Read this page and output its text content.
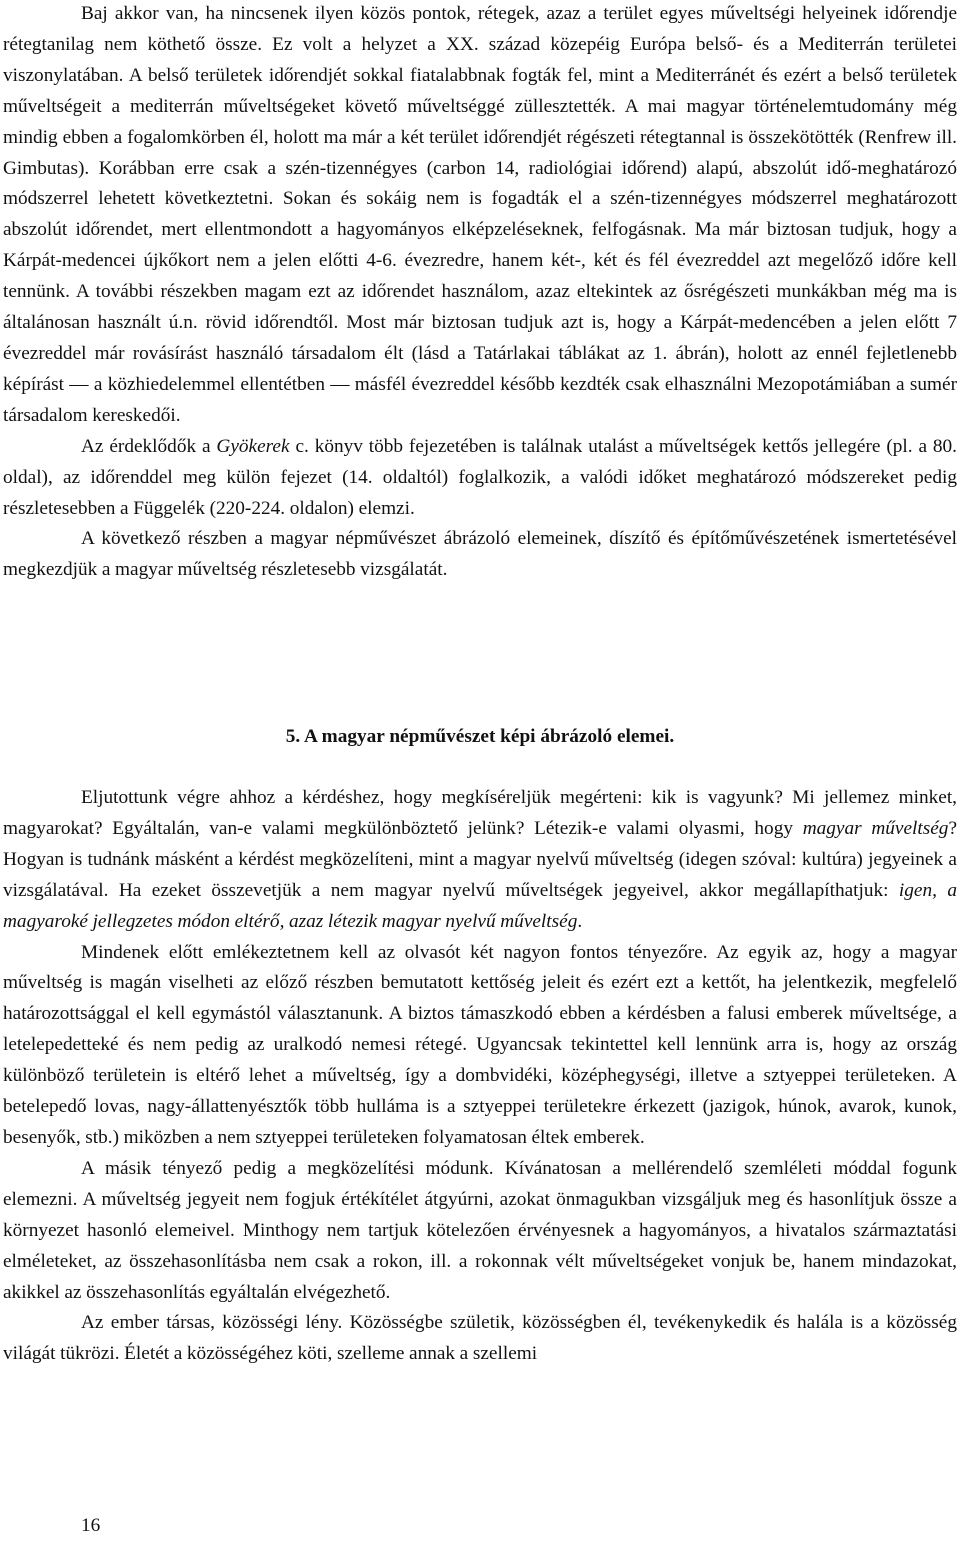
Baj akkor van, ha nincsenek ilyen közös pontok, rétegek, azaz a terület egyes műveltségi helyeinek időrendje rétegtanilag nem köthető össze. Ez volt a helyzet a XX. század közepéig Európa belső- és a Mediterrán területei viszonylatában. A belső területek időrendjét sokkal fiatalabbnak fogták fel, mint a Mediterránét és ezért a belső területek műveltségeit a mediterrán műveltségeket követő műveltséggé züllesztették. A mai magyar történelemtudomány még mindig ebben a fogalomkörben él, holott ma már a két terület időrendjét régészeti rétegtannal is összekötötték (Renfrew ill. Gimbutas). Korábban erre csak a szén-tizennégyes (carbon 14, radiológiai időrend) alapú, abszolút idő-meghatározó módszerrel lehetett következtetni. Sokan és sokáig nem is fogadták el a szén-tizennégyes módszerrel meghatározott abszolút időrendet, mert ellentmondott a hagyományos elképzeléseknek, felfogásnak. Ma már biztosan tudjuk, hogy a Kárpát-medencei újkőkort nem a jelen előtti 4-6. évezredre, hanem két-, két és fél évezreddel azt megelőző időre kell tennünk. A további részekben magam ezt az időrendet használom, azaz eltekintek az ősrégészeti munkákban még ma is általánosan használt ú.n. rövid időrendtől. Most már biztosan tudjuk azt is, hogy a Kárpát-medencében a jelen előtt 7 évezreddel már rovásírást használó társadalom élt (lásd a Tatárlakai táblákat az 1. ábrán), holott az ennél fejletlenebb képírást — a közhiedelemmel ellentétben — másfél évezreddel később kezdték csak elhasználni Mezopotámiában a sumér társadalom kereskedői.

Az érdeklődők a Gyökerek c. könyv több fejezetében is találnak utalást a műveltségek kettős jellegére (pl. a 80. oldal), az időrenddel meg külön fejezet (14. oldaltól) foglalkozik, a valódi időket meghatározó módszereket pedig részletesebben a Függelék (220-224. oldalon) elemzi.

A következő részben a magyar népművészet ábrázoló elemeinek, díszítő és építőművészetének ismertetésével megkezdjük a magyar műveltség részletesebb vizsgálatát.

5. A magyar népművészet képi ábrázoló elemei.

Eljutottunk végre ahhoz a kérdéshez, hogy megkíséreljük megérteni: kik is vagyunk? Mi jellemez minket, magyarokat? Egyáltalán, van-e valami megkülönböztető jelünk? Létezik-e valami olyasmi, hogy magyar műveltség? Hogyan is tudnánk másként a kérdést megközelíteni, mint a magyar nyelvű műveltség (idegen szóval: kultúra) jegyeinek a vizsgálatával. Ha ezeket összevetjük a nem magyar nyelvű műveltségek jegyeivel, akkor megállapíthatjuk: igen, a magyaroké jellegzetes módon eltérő, azaz létezik magyar nyelvű műveltség.

Mindenek előtt emlékeztetnem kell az olvasót két nagyon fontos tényezőre. Az egyik az, hogy a magyar műveltség is magán viselheti az előző részben bemutatott kettőség jeleit és ezért ezt a kettőt, ha jelentkezik, megfelelő határozottsággal el kell egymástól választanunk. A biztos támaszkodó ebben a kérdésben a falusi emberek műveltsége, a letelepedetteké és nem pedig az uralkodó nemesi rétegé. Ugyancsak tekintettel kell lennünk arra is, hogy az ország különböző területein is eltérő lehet a műveltség, így a dombvidéki, középhegységi, illetve a sztyeppei területeken. A betelepedő lovas, nagy-állattenyésztők több hulláma is a sztyeppei területekre érkezett (jazigok, húnok, avarok, kunok, besenyők, stb.) miközben a nem sztyeppei területeken folyamatosan éltek emberek.

A másik tényező pedig a megközelítési módunk. Kívánatosan a mellérendelő szemléleti móddal fogunk elemezni. A műveltség jegyeit nem fogjuk értékítélet átgyúrni, azokat önmagukban vizsgáljuk meg és hasonlítjuk össze a környezet hasonló elemeivel. Minthogy nem tartjuk kötelezően érvényesnek a hagyományos, a hivatalos származtatási elméleteket, az összehasonlításba nem csak a rokon, ill. a rokonnak vélt műveltségeket vonjuk be, hanem mindazokat, akikkel az összehasonlítás egyáltalán elvégezhető.

Az ember társas, közösségi lény. Közösségbe születik, közösségben él, tevékenykedik és halála is a közösség világát tükrözi. Életét a közösségéhez köti, szelleme annak a szellemi

16
